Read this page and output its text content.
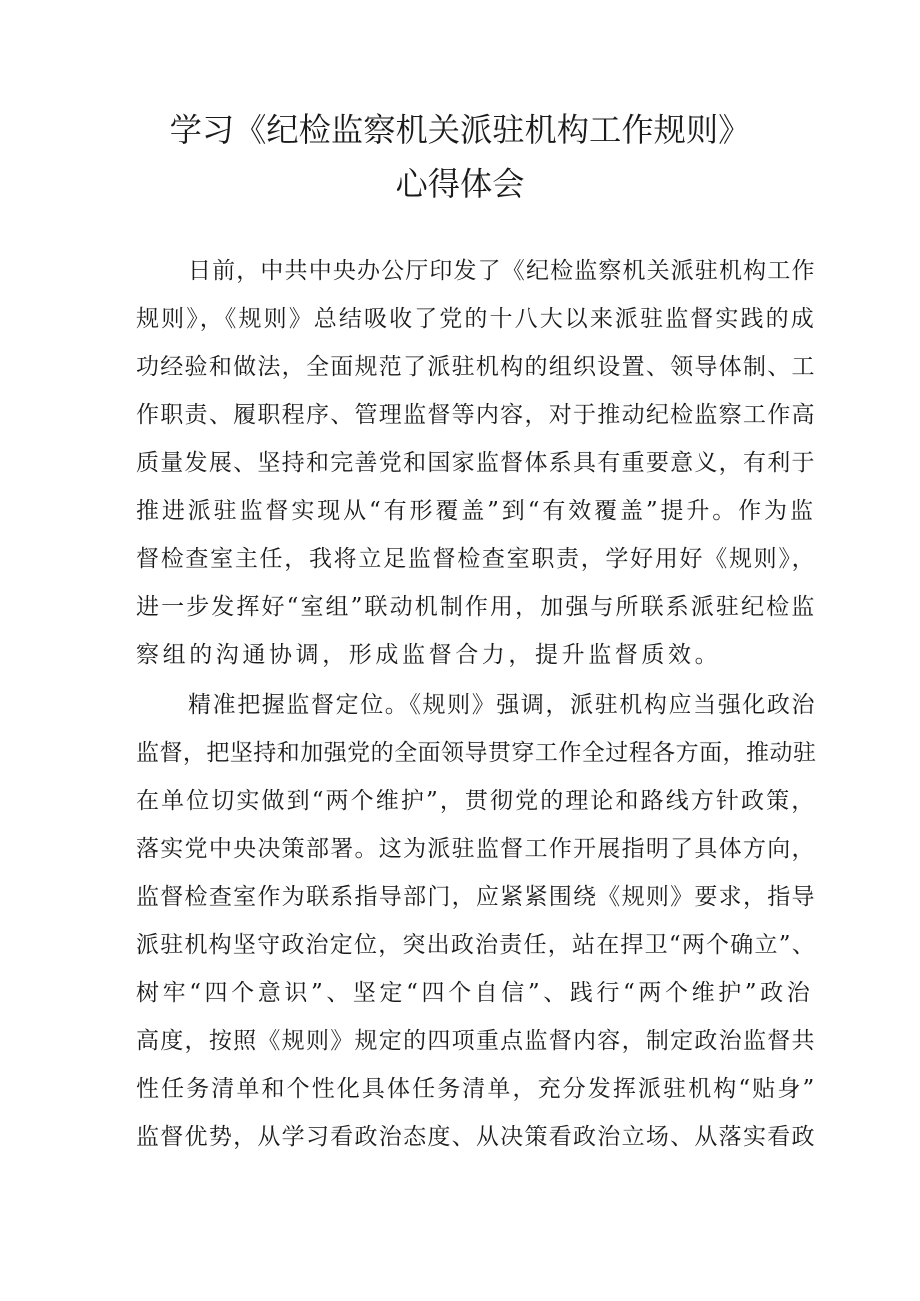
学习《纪检监察机关派驻机构工作规则》
心得体会
日前，中共中央办公厅印发了《纪检监察机关派驻机构工作
规则》，《规则》总结吸收了党的十八大以来派驻监督实践的成
功经验和做法，全面规范了派驻机构的组织设置、领导体制、工
作职责、履职程序、管理监督等内容，对于推动纪检监察工作高
质量发展、坚持和完善党和国家监督体系具有重要意义，有利于
推进派驻监督实现从“有形覆盖”到“有效覆盖”提升。作为监
督检查室主任，我将立足监督检查室职责，学好用好《规则》，
进一步发挥好“室组”联动机制作用，加强与所联系派驻纪检监
察组的沟通协调，形成监督合力，提升监督质效。
精准把握监督定位。《规则》强调，派驻机构应当强化政治
监督，把坚持和加强党的全面领导贯穿工作全过程各方面，推动驻
在单位切实做到“两个维护”，贯彻党的理论和路线方针政策，
落实党中央决策部署。这为派驻监督工作开展指明了具体方向，
监督检查室作为联系指导部门，应紧紧围绕《规则》要求，指导
派驻机构坚守政治定位，突出政治责任，站在捍卫“两个确立”、
树牢“四个意识”、坚定“四个自信”、践行“两个维护”政治
高度，按照《规则》规定的四项重点监督内容，制定政治监督共
性任务清单和个性化具体任务清单，充分发挥派驻机构“贴身”
监督优势，从学习看政治态度、从决策看政治立场、从落实看政
